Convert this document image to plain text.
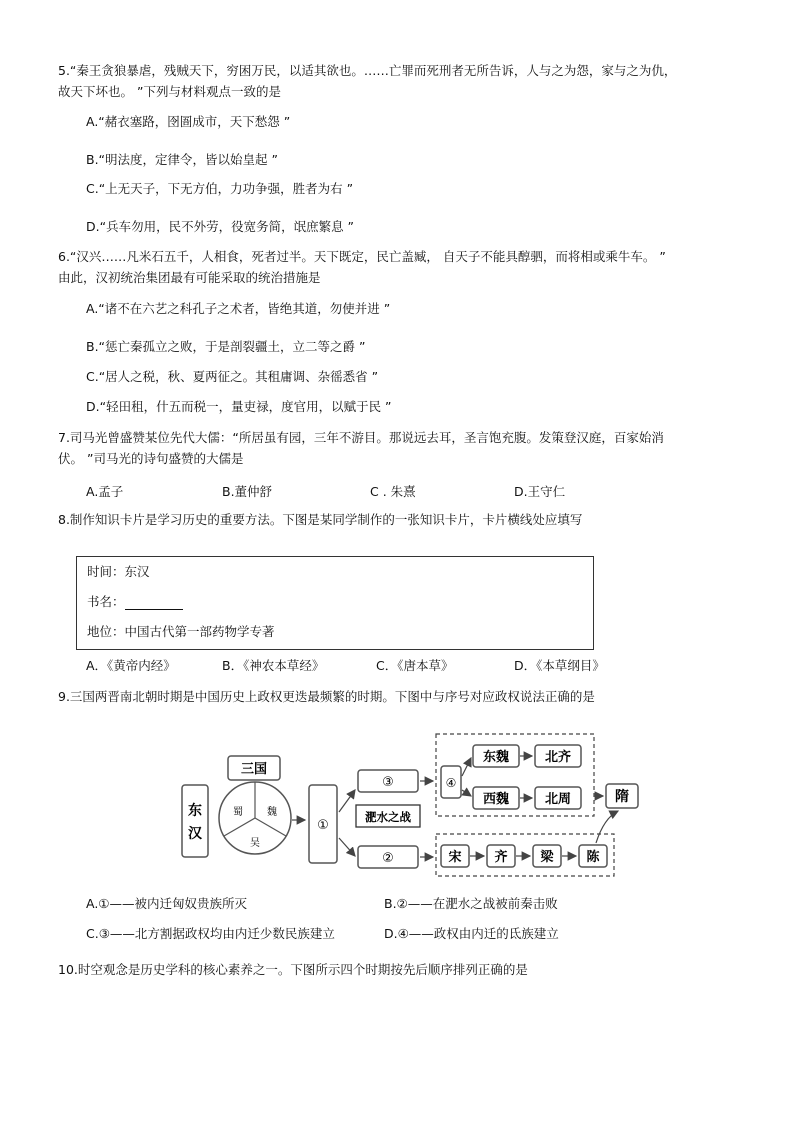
5.“秦王贪狼暴虐，残贼天下，穷困万民，以适其欲也。……亡罪而死刑者无所告诉，人与之为怨，家与之为仇，
故天下坏也。 ”下列与材料观点一致的是
A.“赭衣塞路，囹圄成市，天下愁怨 ”
B.“明法度，定律令，皆以始皇起 ”
C.“上无天子，下无方伯，力功争强，胜者为右 ”
D.“兵车勿用，民不外劳，役宽务简，氓庶繁息 ”
6.“汉兴……凡米石五千，人相食，死者过半。天下既定，民亡盖臧， 自天子不能具醇驷，而将相或乘牛车。 ”
由此，汉初统治集团最有可能采取的统治措施是
A.“诸不在六艺之科孔子之术者，皆绝其道，勿使并进 ”
B.“惩亡秦孤立之败，于是剖裂疆土，立二等之爵 ”
C.“居人之税，秋、夏两征之。其租庸调、杂徭悉省 ”
D.“轻田租，什五而税一，量吏禄，度官用，以赋于民 ”
7.司马光曾盛赞某位先代大儒：“所居虽有园，三年不游目。那说远去耳，圣言饱充腹。发策登汉庭，百家始消
伏。 ”司马光的诗句盛赞的大儒是
A.孟子	B.董仲舒	C . 朱熹	D.王守仁
8.制作知识卡片是学习历史的重要方法。下图是某同学制作的一张知识卡片，卡片横线处应填写
时间：东汉
书名：
地位：中国古代第一部药物学专著
A．《黄帝内经》	B．《神农本草经》	C．《唐本草》	D．《本草纲目》
9.三国两晋南北朝时期是中国历史上政权更迭最频繁的时期。下图中与序号对应政权说法正确的是
东
汉
三国
蜀 魏
吴
①
③
淝水之战
②
④
东魏	北齐
西魏	北周	隋
宋	齐	梁	陈
A.①——被内迁匈奴贵族所灭	B.②——在淝水之战被前秦击败
C.③——北方割据政权均由内迁少数民族建立	D.④——政权由内迁的氐族建立
10.时空观念是历史学科的核心素养之一。下图所示四个时期按先后顺序排列正确的是
